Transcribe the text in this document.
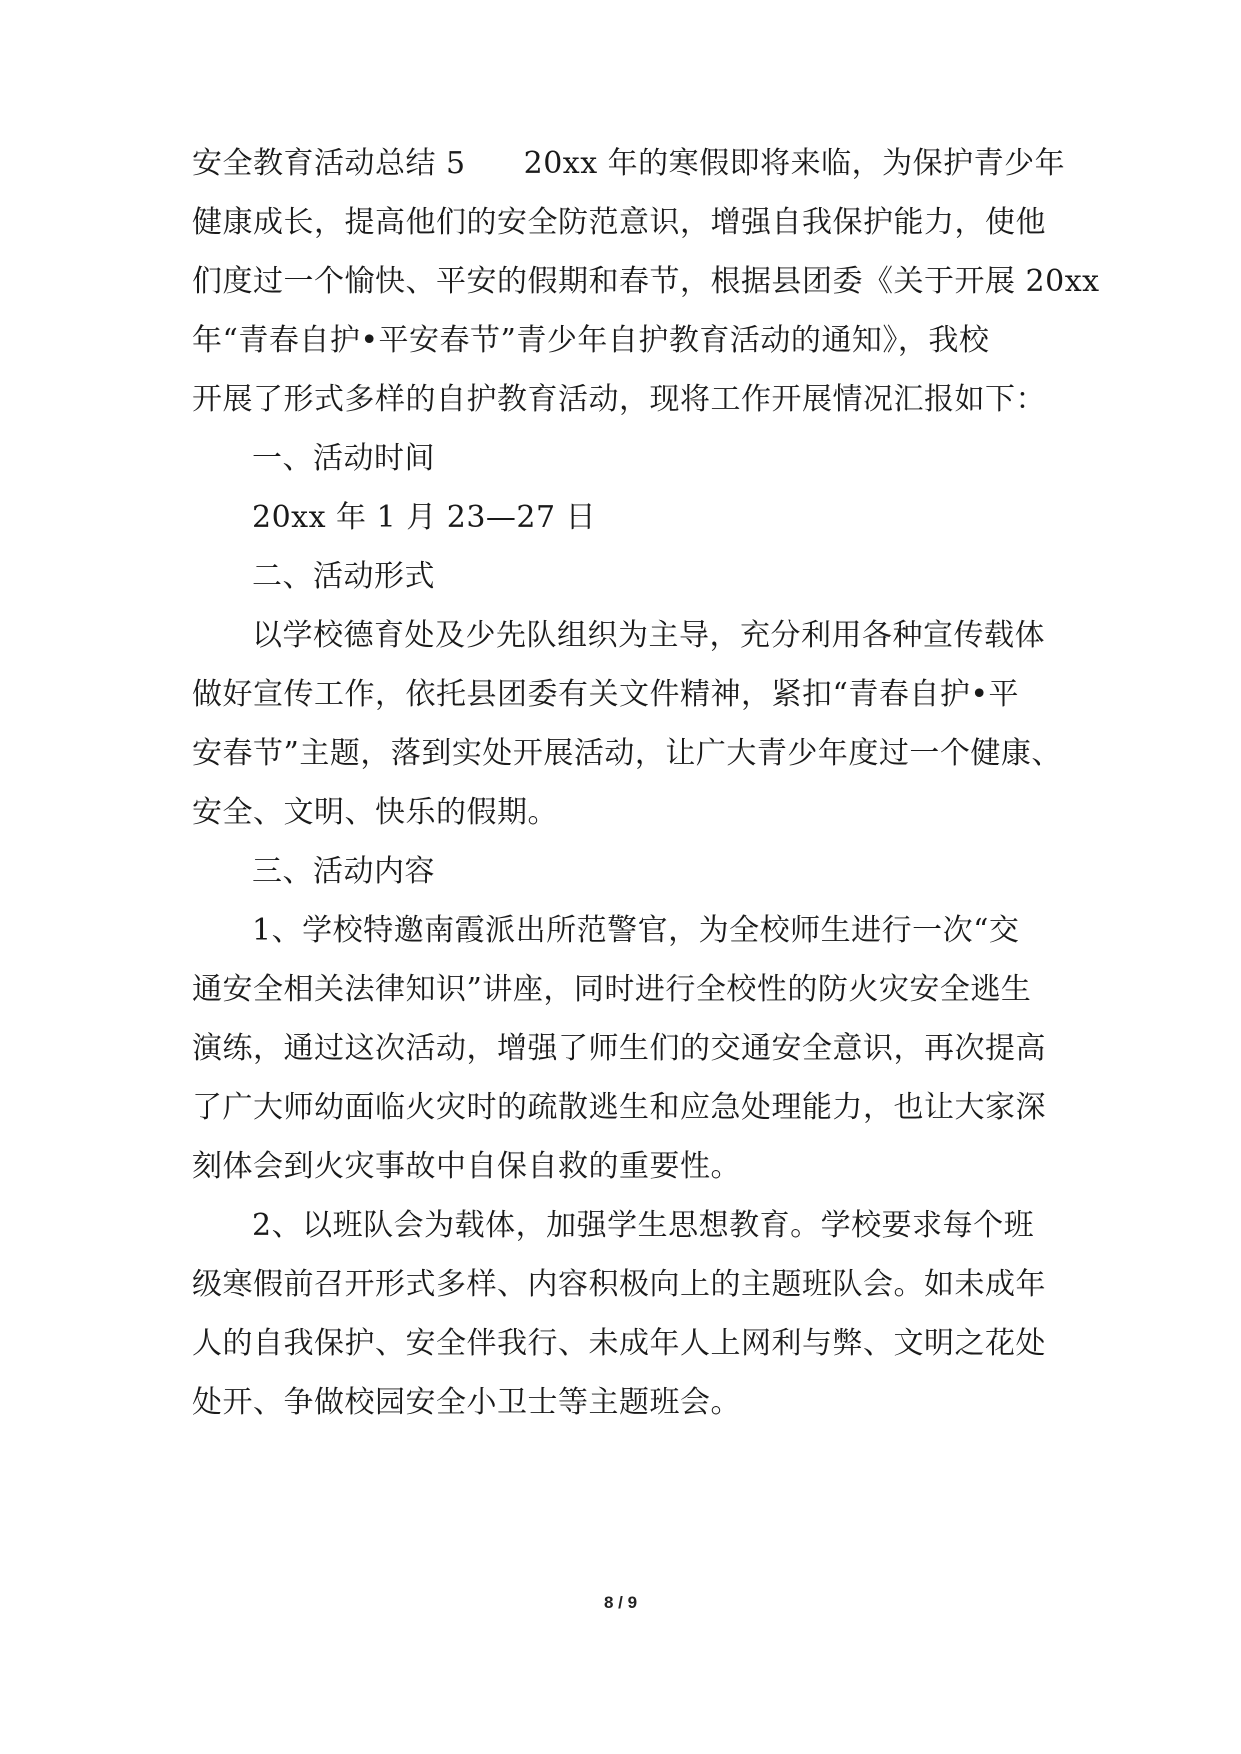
安全教育活动总结 5 20xx 年的寒假即将来临，为保护青少年
健康成长，提高他们的安全防范意识，增强自我保护能力，使他
们度过一个愉快、平安的假期和春节，根据县团委《关于开展 20xx
年“青春自护•平安春节”青少年自护教育活动的通知》，我校
开展了形式多样的自护教育活动，现将工作开展情况汇报如下：
一、活动时间
20xx 年 1 月 23—27 日
二、活动形式
以学校德育处及少先队组织为主导，充分利用各种宣传载体
做好宣传工作，依托县团委有关文件精神，紧扣“青春自护•平
安春节”主题，落到实处开展活动，让广大青少年度过一个健康、
安全、文明、快乐的假期。
三、活动内容
1、学校特邀南霞派出所范警官，为全校师生进行一次“交
通安全相关法律知识”讲座，同时进行全校性的防火灾安全逃生
演练，通过这次活动，增强了师生们的交通安全意识，再次提高
了广大师幼面临火灾时的疏散逃生和应急处理能力，也让大家深
刻体会到火灾事故中自保自救的重要性。
2、以班队会为载体，加强学生思想教育。学校要求每个班
级寒假前召开形式多样、内容积极向上的主题班队会。如未成年
人的自我保护、安全伴我行、未成年人上网利与弊、文明之花处
处开、争做校园安全小卫士等主题班会。
8 / 9
